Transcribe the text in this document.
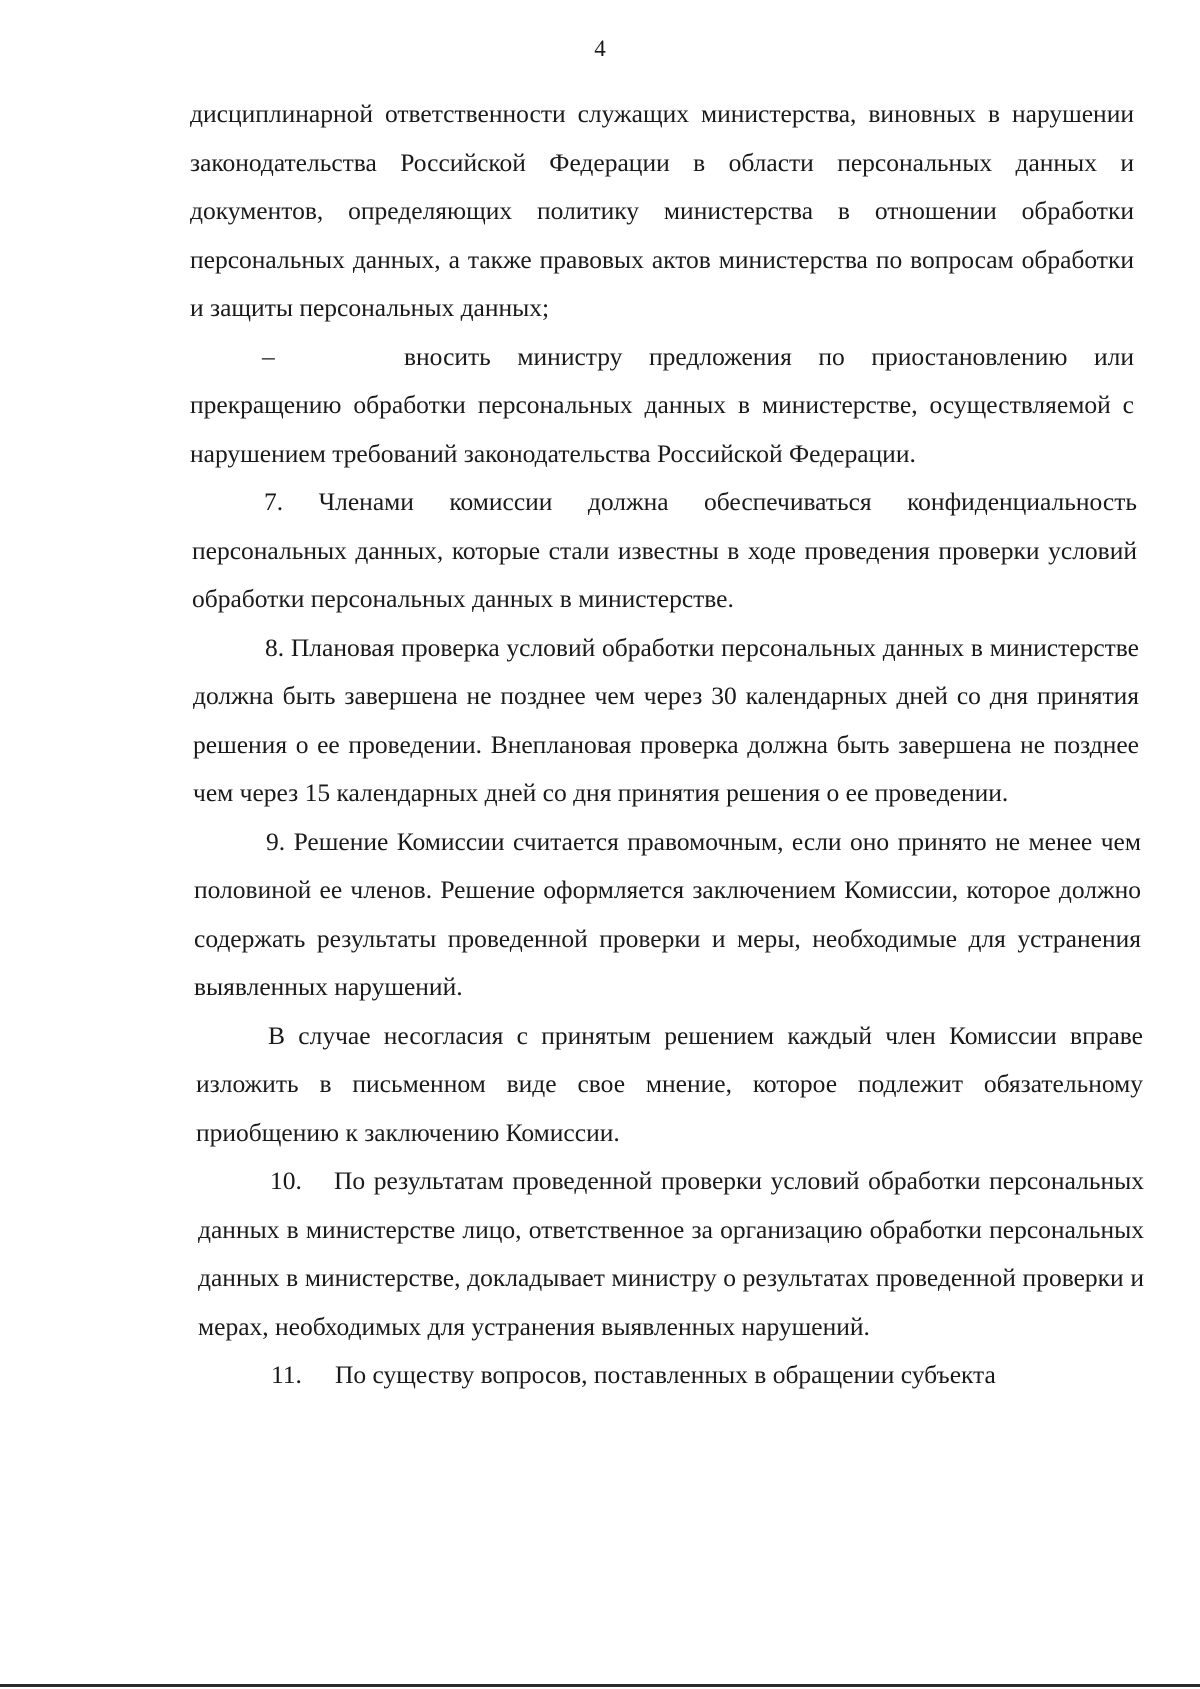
4

дисциплинарной ответственности служащих министерства, виновных в нарушении законодательства Российской Федерации в области персональных данных и документов, определяющих политику министерства в отношении обработки персональных данных, а также правовых актов министерства по вопросам обработки и защиты персональных данных;

–	вносить министру предложения по приостановлению или прекращению обработки персональных данных в министерстве, осуществляемой с нарушением требований законодательства Российской Федерации.

7. Членами комиссии должна обеспечиваться конфиденциальность персональных данных, которые стали известны в ходе проведения проверки условий обработки персональных данных в министерстве.

8. Плановая проверка условий обработки персональных данных в министерстве должна быть завершена не позднее чем через 30 календарных дней со дня принятия решения о ее проведении. Внеплановая проверка должна быть завершена не позднее чем через 15 календарных дней со дня принятия решения о ее проведении.

9. Решение Комиссии считается правомочным, если оно принято не менее чем половиной ее членов. Решение оформляется заключением Комиссии, которое должно содержать результаты проведенной проверки и меры, необходимые для устранения выявленных нарушений.

В случае несогласия с принятым решением каждый член Комиссии вправе изложить в письменном виде свое мнение, которое подлежит обязательному приобщению к заключению Комиссии.

10. По результатам проведенной проверки условий обработки персональных данных в министерстве лицо, ответственное за организацию обработки персональных данных в министерстве, докладывает министру о результатах проведенной проверки и мерах, необходимых для устранения выявленных нарушений.

11. По существу вопросов, поставленных в обращении субъекта
